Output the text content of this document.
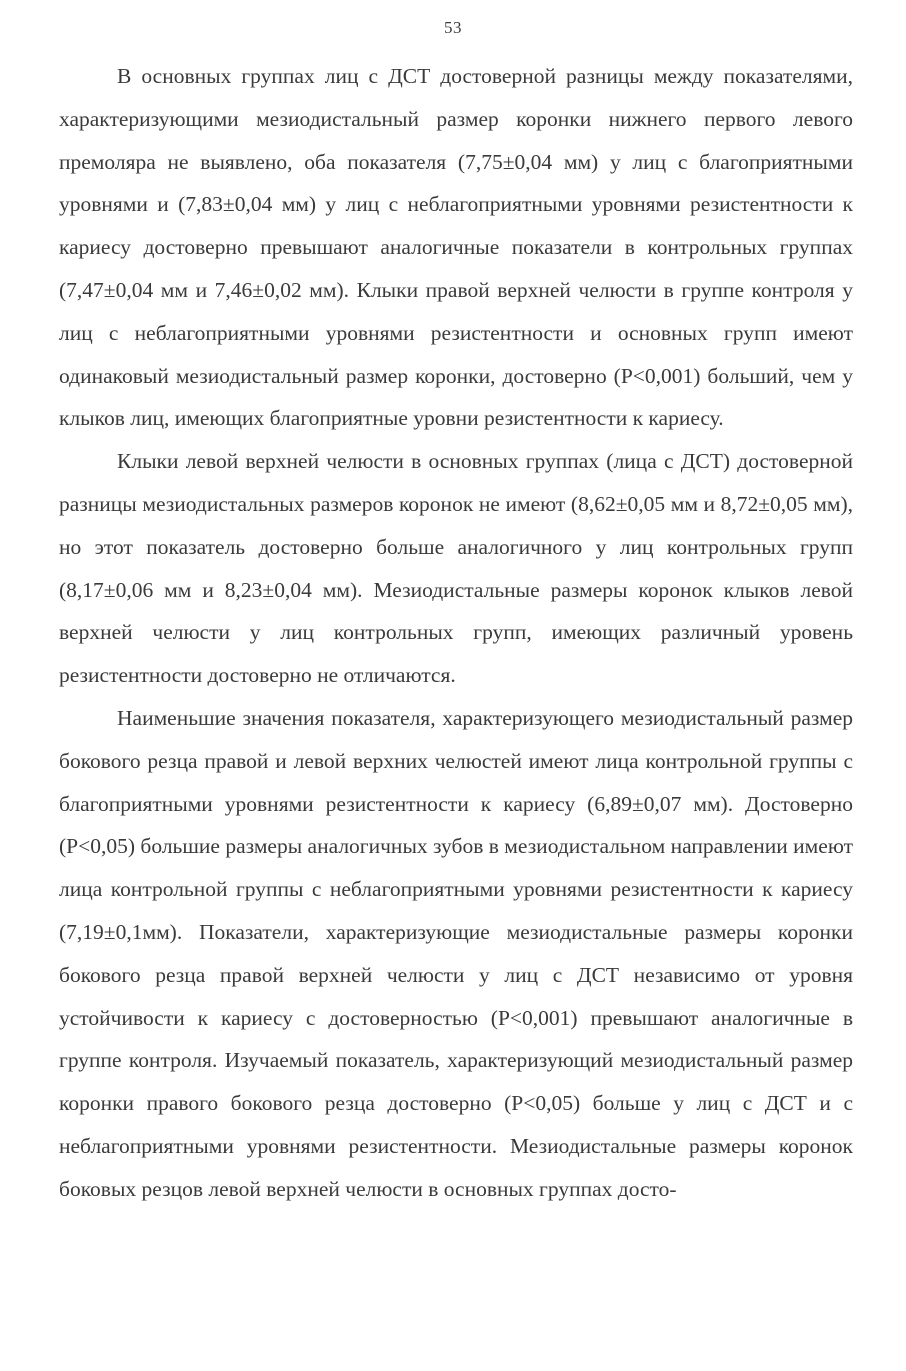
53

В основных группах лиц с ДСТ достоверной разницы между показателями, характеризующими мезиодистальный размер коронки нижнего первого левого премоляра не выявлено, оба показателя (7,75±0,04 мм) у лиц с благоприятными уровнями и (7,83±0,04 мм) у лиц с неблагоприятными уровнями резистентности к кариесу достоверно превышают аналогичные показатели в контрольных группах (7,47±0,04 мм и 7,46±0,02 мм). Клыки правой верхней челюсти в группе контроля у лиц с неблагоприятными уровнями резистентности и основных групп имеют одинаковый мезиодистальный размер коронки, достоверно (Р<0,001) больший, чем у клыков лиц, имеющих благоприятные уровни резистентности к кариесу.

Клыки левой верхней челюсти в основных группах (лица с ДСТ) достоверной разницы мезиодистальных размеров коронок не имеют (8,62±0,05 мм и 8,72±0,05 мм), но этот показатель достоверно больше аналогичного у лиц контрольных групп (8,17±0,06 мм и 8,23±0,04 мм). Мезиодистальные размеры коронок клыков левой верхней челюсти у лиц контрольных групп, имеющих различный уровень резистентности достоверно не отличаются.

Наименьшие значения показателя, характеризующего мезиодистальный размер бокового резца правой и левой верхних челюстей имеют лица контрольной группы с благоприятными уровнями резистентности к кариесу (6,89±0,07 мм). Достоверно (Р<0,05) большие размеры аналогичных зубов в мезиодистальном направлении имеют лица контрольной группы с неблагоприятными уровнями резистентности к кариесу (7,19±0,1мм). Показатели, характеризующие мезиодистальные размеры коронки бокового резца правой верхней челюсти у лиц с ДСТ независимо от уровня устойчивости к кариесу с достоверностью (Р<0,001) превышают аналогичные в группе контроля. Изучаемый показатель, характеризующий мезиодистальный размер коронки правого бокового резца достоверно (Р<0,05) больше у лиц с ДСТ и с неблагоприятными уровнями резистентности. Мезиодистальные размеры коронок боковых резцов левой верхней челюсти в основных группах досто-
